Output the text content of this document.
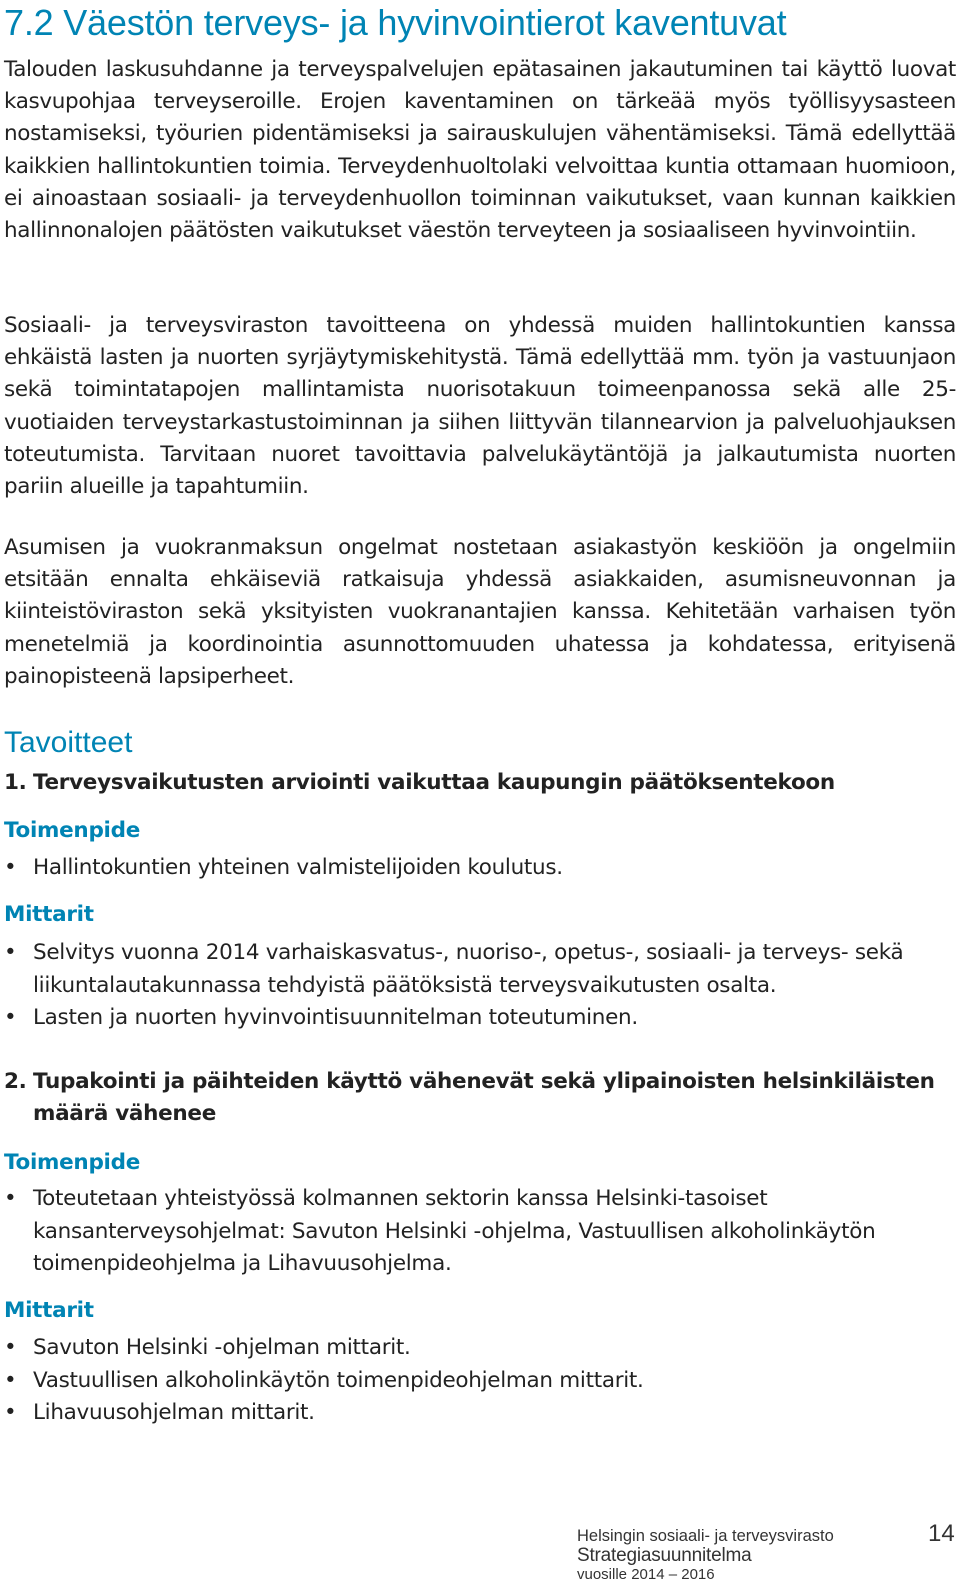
7.2 Väestön terveys- ja hyvinvointierot kaventuvat
Talouden laskusuhdanne ja terveyspalvelujen epätasainen jakautuminen tai käyttö luovat kasvupohjaa terveyseroille. Erojen kaventaminen on tärkeää myös työllisyysasteen nostamiseksi, työurien pidentämiseksi ja sairauskulujen vähentämiseksi. Tämä edellyttää kaikkien hallintokuntien toimia. Terveydenhuoltolaki velvoittaa kuntia ottamaan huomioon, ei ainoastaan sosiaali- ja terveydenhuollon toiminnan vaikutukset, vaan kunnan kaikkien hallinnonalojen päätösten vaikutukset väestön terveyteen ja sosiaaliseen hyvinvointiin.
Sosiaali- ja terveysviraston tavoitteena on yhdessä muiden hallintokuntien kanssa ehkäistä lasten ja nuorten syrjäytymiskehitystä. Tämä edellyttää mm. työn ja vastuunjaon sekä toimintatapojen mallintamista nuorisotakuun toimeenpanossa sekä alle 25-vuotiaiden terveystarkastustoiminnan ja siihen liittyvän tilannearvion ja palveluohjauksen toteutumista. Tarvitaan nuoret tavoittavia palvelukäytäntöjä ja jalkautumista nuorten pariin alueille ja tapahtumiin.
Asumisen ja vuokranmaksun ongelmat nostetaan asiakastyön keskiöön ja ongelmiin etsitään ennalta ehkäiseviä ratkaisuja yhdessä asiakkaiden, asumisneuvonnan ja kiinteistöviraston sekä yksityisten vuokranantajien kanssa. Kehitetään varhaisen työn menetelmiä ja koordinointia asunnottomuuden uhatessa ja kohdatessa, erityisenä painopisteenä lapsiperheet.
Tavoitteet
1. Terveysvaikutusten arviointi vaikuttaa kaupungin päätöksentekoon
Toimenpide
• Hallintokuntien yhteinen valmistelijoiden koulutus.
Mittarit
• Selvitys vuonna 2014 varhaiskasvatus-, nuoriso-, opetus-, sosiaali- ja terveys- sekä liikuntalautakunnassa tehdyistä päätöksistä terveysvaikutusten osalta.
• Lasten ja nuorten hyvinvointisuunnitelman toteutuminen.
2. Tupakointi ja päihteiden käyttö vähenevät sekä ylipainoisten helsinkiläisten määrä vähenee
Toimenpide
• Toteutetaan yhteistyössä kolmannen sektorin kanssa Helsinki-tasoiset kansanterveysohjelmat: Savuton Helsinki -ohjelma, Vastuullisen alkoholinkäytön toimenpideohjelma ja Lihavuusohjelma.
Mittarit
• Savuton Helsinki -ohjelman mittarit.
• Vastuullisen alkoholinkäytön toimenpideohjelman mittarit.
• Lihavuusohjelman mittarit.
Helsingin sosiaali- ja terveysvirasto
Strategiasuunnitelma
vuosille 2014 – 2016
14
